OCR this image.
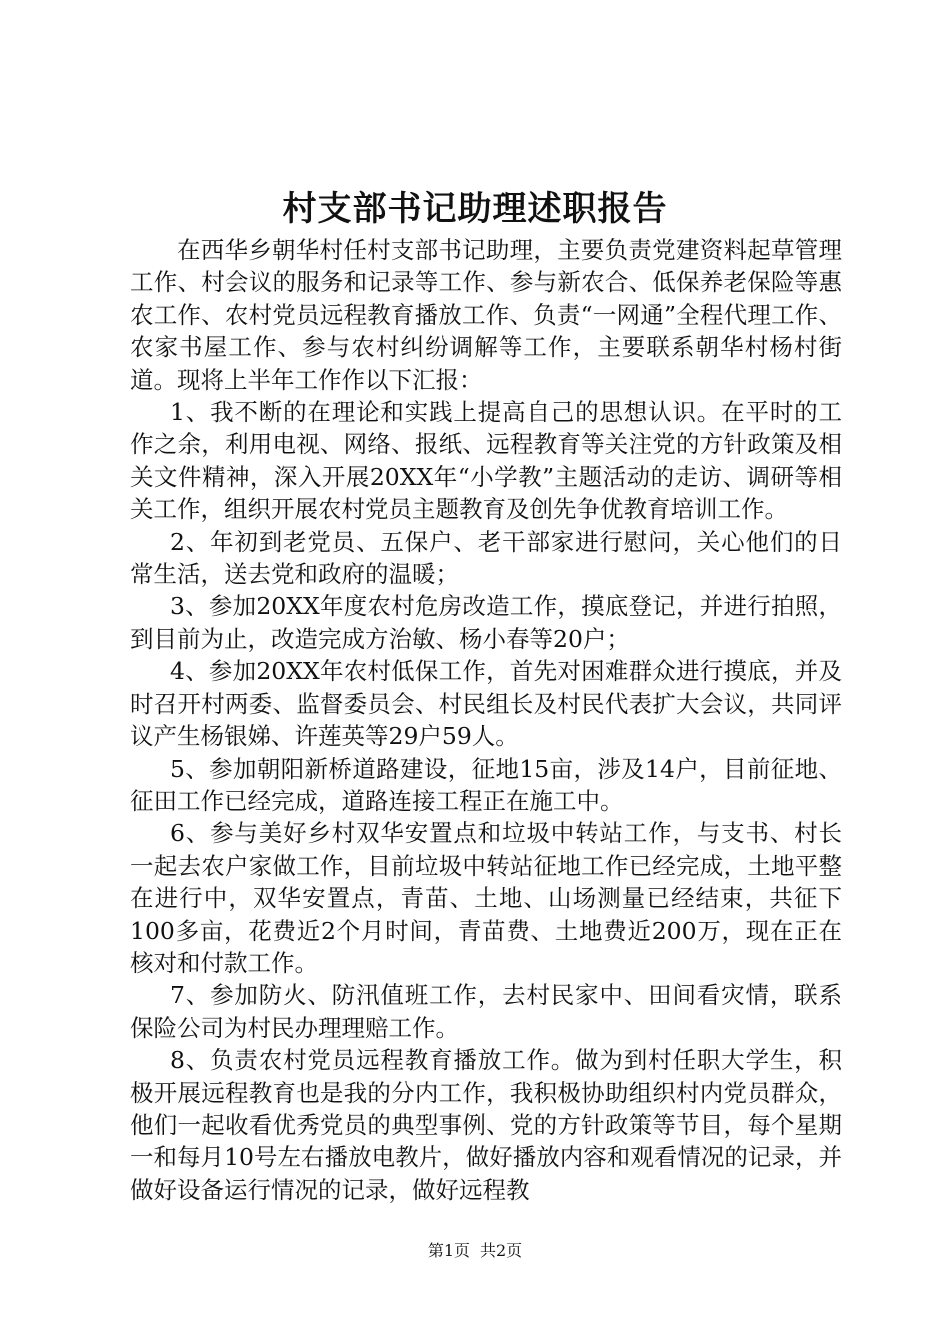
村支部书记助理述职报告

在西华乡朝华村任村支部书记助理，主要负责党建资料起草管理工作、村会议的服务和记录等工作、参与新农合、低保养老保险等惠农工作、农村党员远程教育播放工作、负责“一网通”全程代理工作、农家书屋工作、参与农村纠纷调解等工作，主要联系朝华村杨村街道。现将上半年工作作以下汇报：

1、我不断的在理论和实践上提高自己的思想认识。在平时的工作之余，利用电视、网络、报纸、远程教育等关注党的方针政策及相关文件精神，深入开展20XX年“小学教”主题活动的走访、调研等相关工作，组织开展农村党员主题教育及创先争优教育培训工作。

2、年初到老党员、五保户、老干部家进行慰问，关心他们的日常生活，送去党和政府的温暖；

3、参加20XX年度农村危房改造工作，摸底登记，并进行拍照，到目前为止，改造完成方治敏、杨小春等20户；

4、参加20XX年农村低保工作，首先对困难群众进行摸底，并及时召开村两委、监督委员会、村民组长及村民代表扩大会议，共同评议产生杨银娣、许莲英等29户59人。

5、参加朝阳新桥道路建设，征地15亩，涉及14户，目前征地、征田工作已经完成，道路连接工程正在施工中。

6、参与美好乡村双华安置点和垃圾中转站工作，与支书、村长一起去农户家做工作，目前垃圾中转站征地工作已经完成，土地平整在进行中，双华安置点，青苗、土地、山场测量已经结束，共征下100多亩，花费近2个月时间，青苗费、土地费近200万，现在正在核对和付款工作。

7、参加防火、防汛值班工作，去村民家中、田间看灾情，联系保险公司为村民办理理赔工作。

8、负责农村党员远程教育播放工作。做为到村任职大学生，积极开展远程教育也是我的分内工作，我积极协助组织村内党员群众，他们一起收看优秀党员的典型事例、党的方针政策等节目，每个星期一和每月10号左右播放电教片，做好播放内容和观看情况的记录，并做好设备运行情况的记录，做好远程教

第1页 共2页
